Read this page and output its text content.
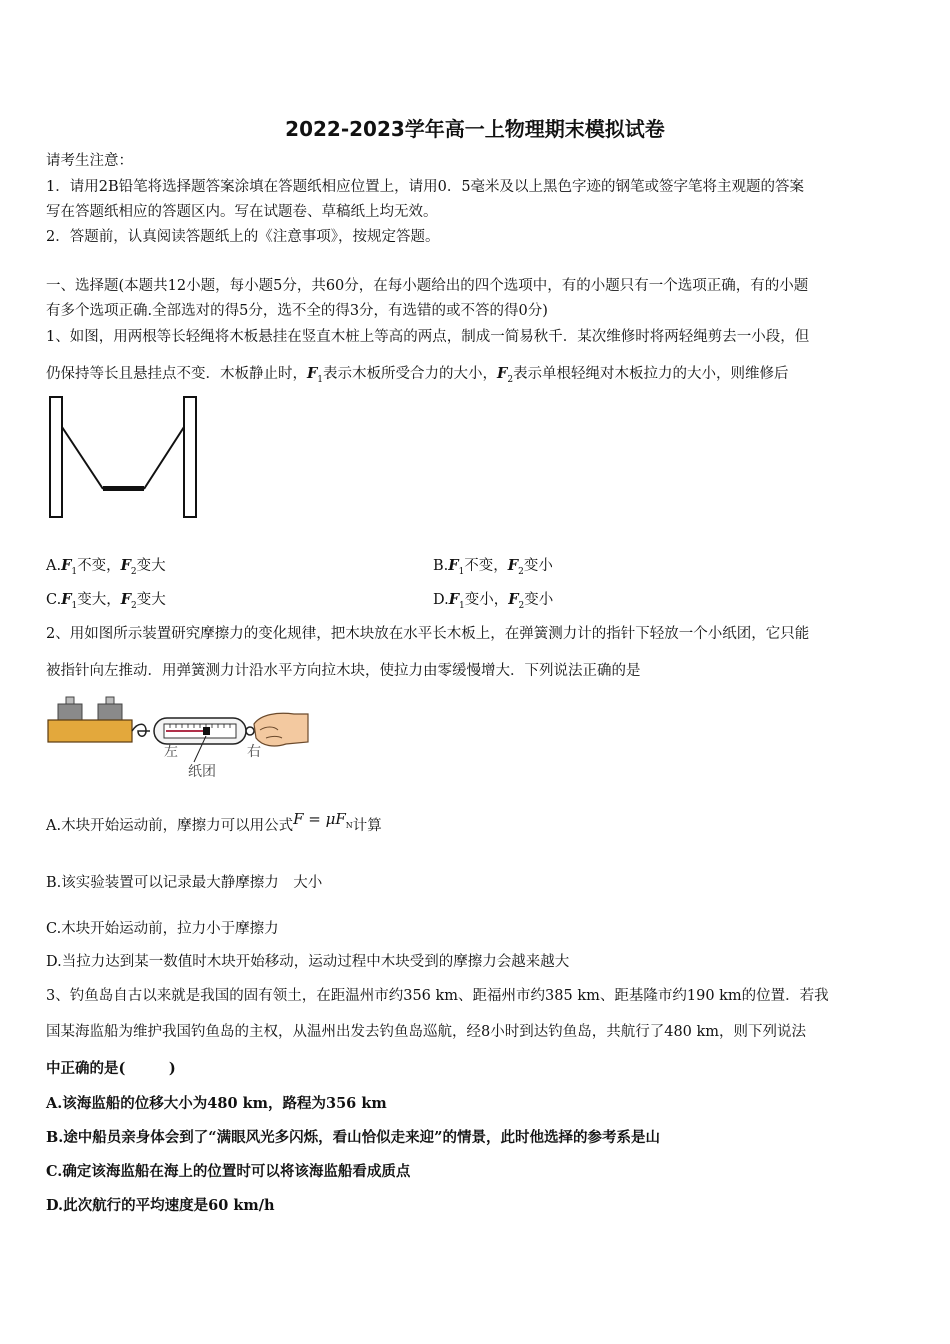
2022-2023学年高一上物理期末模拟试卷
请考生注意：
1．请用2B铅笔将选择题答案涂填在答题纸相应位置上，请用0．5毫米及以上黑色字迹的钢笔或签字笔将主观题的答案
写在答题纸相应的答题区内。写在试题卷、草稿纸上均无效。
2．答题前，认真阅读答题纸上的《注意事项》，按规定答题。
一、选择题(本题共12小题，每小题5分，共60分，在每小题给出的四个选项中，有的小题只有一个选项正确，有的小题
有多个选项正确.全部选对的得5分，选不全的得3分，有选错的或不答的得0分)
1、如图，用两根等长轻绳将木板悬挂在竖直木桩上等高的两点，制成一简易秋千．某次维修时将两轻绳剪去一小段，但
仍保持等长且悬挂点不变．木板静止时，$F_1$表示木板所受合力的大小，$F_2$表示单根轻绳对木板拉力的大小，则维修后
$A.F_1$不变，$F_2$变大	$B.F_1$不变，$F_2$变小
$C.F_1$变大，$F_2$变大	$D.F_1$变小，$F_2$变小
2、用如图所示装置研究摩擦力的变化规律，把木块放在水平长木板上，在弹簧测力计的指针下轻放一个小纸团，它只能
被指针向左推动．用弹簧测力计沿水平方向拉木块，使拉力由零缓慢增大．下列说法正确的是
左	右
纸团
A.木块开始运动前，摩擦力可以用公式$F = \mu F_N$计算
B.该实验装置可以记录最大静摩擦力　大小
C.木块开始运动前，拉力小于摩擦力
D.当拉力达到某一数值时木块开始移动，运动过程中木块受到的摩擦力会越来越大
3、钓鱼岛自古以来就是我国的固有领土，在距温州市约356 km、距福州市约385 km、距基隆市约190 km的位置．若我
国某海监船为维护我国钓鱼岛的主权，从温州出发去钓鱼岛巡航，经8小时到达钓鱼岛，共航行了480 km，则下列说法
中正确的是(　　　)
A.该海监船的位移大小为480 km，路程为356 km
B.途中船员亲身体会到了“满眼风光多闪烁，看山恰似走来迎”的情景，此时他选择的参考系是山
C.确定该海监船在海上的位置时可以将该海监船看成质点
D.此次航行的平均速度是60 km/h
